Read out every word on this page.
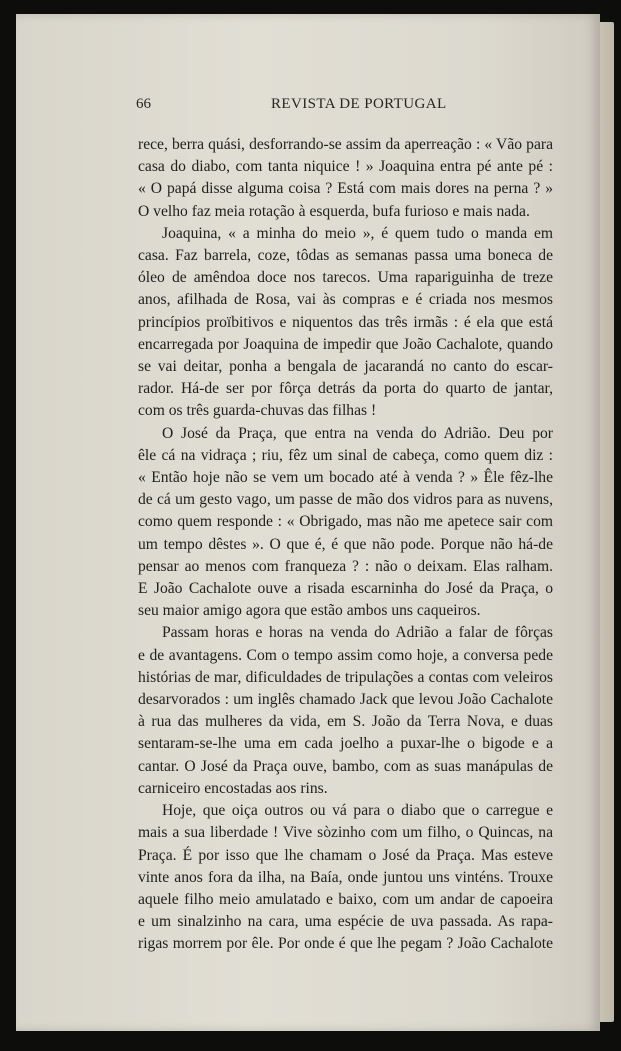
66	REVISTA DE PORTUGAL

rece, berra quási, desforrando-se assim da aperreação : « Vão para
casa do diabo, com tanta niquice ! » Joaquina entra pé ante pé :
« O papá disse alguma coisa ? Está com mais dores na perna ? »
O velho faz meia rotação à esquerda, bufa furioso e mais nada.

Joaquina, « a minha do meio », é quem tudo o manda em
casa. Faz barrela, coze, tôdas as semanas passa uma boneca de
óleo de amêndoa doce nos tarecos. Uma rapariguinha de treze
anos, afilhada de Rosa, vai às compras e é criada nos mesmos
princípios proïbitivos e niquentos das três irmãs : é ela que está
encarregada por Joaquina de impedir que João Cachalote, quando
se vai deitar, ponha a bengala de jacarandá no canto do escar-
rador. Há-de ser por fôrça detrás da porta do quarto de jantar,
com os três guarda-chuvas das filhas !

O José da Praça, que entra na venda do Adrião. Deu por
êle cá na vidraça ; riu, fêz um sinal de cabeça, como quem diz :
« Então hoje não se vem um bocado até à venda ? » Êle fêz-lhe
de cá um gesto vago, um passe de mão dos vidros para as nuvens,
como quem responde : « Obrigado, mas não me apetece sair com
um tempo dêstes ». O que é, é que não pode. Porque não há-de
pensar ao menos com franqueza ? : não o deixam. Elas ralham.
E João Cachalote ouve a risada escarninha do José da Praça, o
seu maior amigo agora que estão ambos uns caqueiros.

Passam horas e horas na venda do Adrião a falar de fôrças
e de avantagens. Com o tempo assim como hoje, a conversa pede
histórias de mar, dificuldades de tripulações a contas com veleiros
desarvorados : um inglês chamado Jack que levou João Cachalote
à rua das mulheres da vida, em S. João da Terra Nova, e duas
sentaram-se-lhe uma em cada joelho a puxar-lhe o bigode e a
cantar. O José da Praça ouve, bambo, com as suas manápulas de
carniceiro encostadas aos rins.

Hoje, que oiça outros ou vá para o diabo que o carregue e
mais a sua liberdade ! Vive sòzinho com um filho, o Quincas, na
Praça. É por isso que lhe chamam o José da Praça. Mas esteve
vinte anos fora da ilha, na Baía, onde juntou uns vinténs. Trouxe
aquele filho meio amulatado e baixo, com um andar de capoeira
e um sinalzinho na cara, uma espécie de uva passada. As rapa-
rigas morrem por êle. Por onde é que lhe pegam ? João Cachalote
